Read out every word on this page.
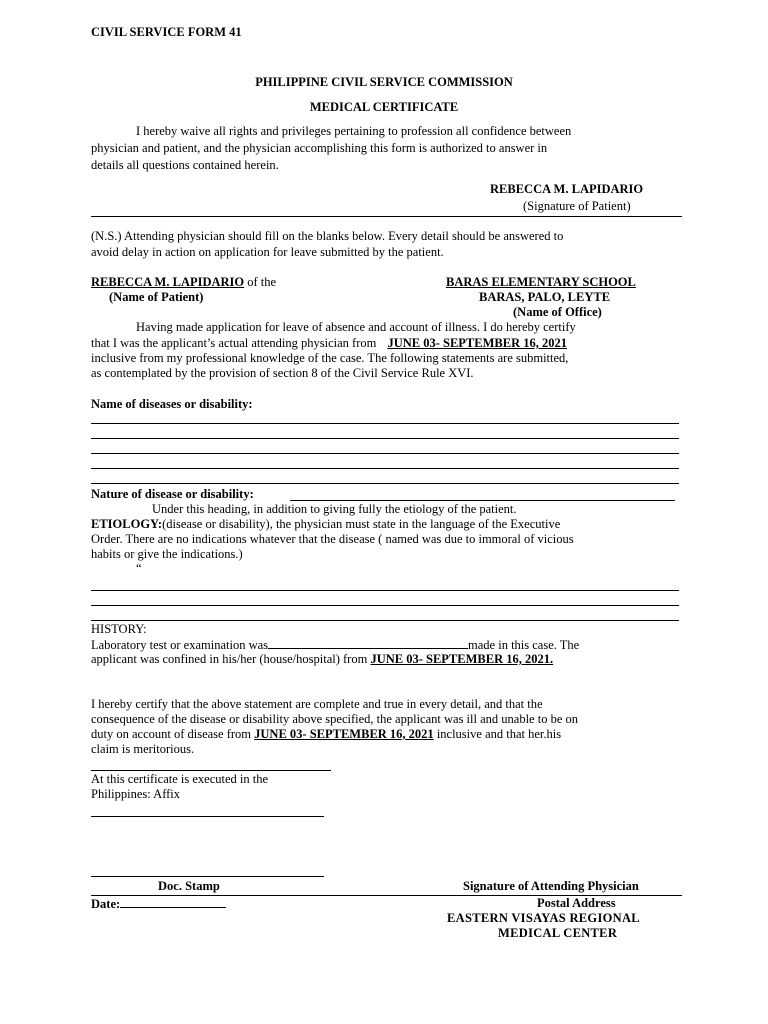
CIVIL SERVICE FORM 41
PHILIPPINE CIVIL SERVICE COMMISSION
MEDICAL CERTIFICATE
I hereby waive all rights and privileges pertaining to profession all confidence between
physician and patient, and the physician accomplishing this form is authorized to answer in
details all questions contained herein.
REBECCA M. LAPIDARIO
(Signature of Patient)
(N.S.) Attending physician should fill on the blanks below. Every detail should be answered to
avoid delay in action on application for leave submitted by the patient.
REBECCA M. LAPIDARIO of the
(Name of Patient)
BARAS ELEMENTARY SCHOOL
BARAS, PALO, LEYTE
(Name of Office)
Having made application for leave of absence and account of illness. I do hereby certify
that I was the applicant’s actual attending physician from JUNE 03- SEPTEMBER 16, 2021
inclusive from my professional knowledge of the case. The following statements are submitted,
as contemplated by the provision of section 8 of the Civil Service Rule XVI.
Name of diseases or disability:
Nature of disease or disability:
Under this heading, in addition to giving fully the etiology of the patient.
ETIOLOGY:(disease or disability), the physician must state in the language of the Executive
Order. There are no indications whatever that the disease ( named was due to immoral of vicious
habits or give the indications.)
“
HISTORY:
Laboratory test or examination was	made in this case. The
applicant was confined in his/her (house/hospital) from JUNE 03- SEPTEMBER 16, 2021.
I hereby certify that the above statement are complete and true in every detail, and that the
consequence of the disease or disability above specified, the applicant was ill and unable to be on
duty on account of disease from JUNE 03- SEPTEMBER 16, 2021 inclusive and that her.his
claim is meritorious.
At this certificate is executed in the
Philippines: Affix
Doc. Stamp	Signature of Attending Physician
Date:	Postal Address
EASTERN VISAYAS REGIONAL
MEDICAL CENTER
